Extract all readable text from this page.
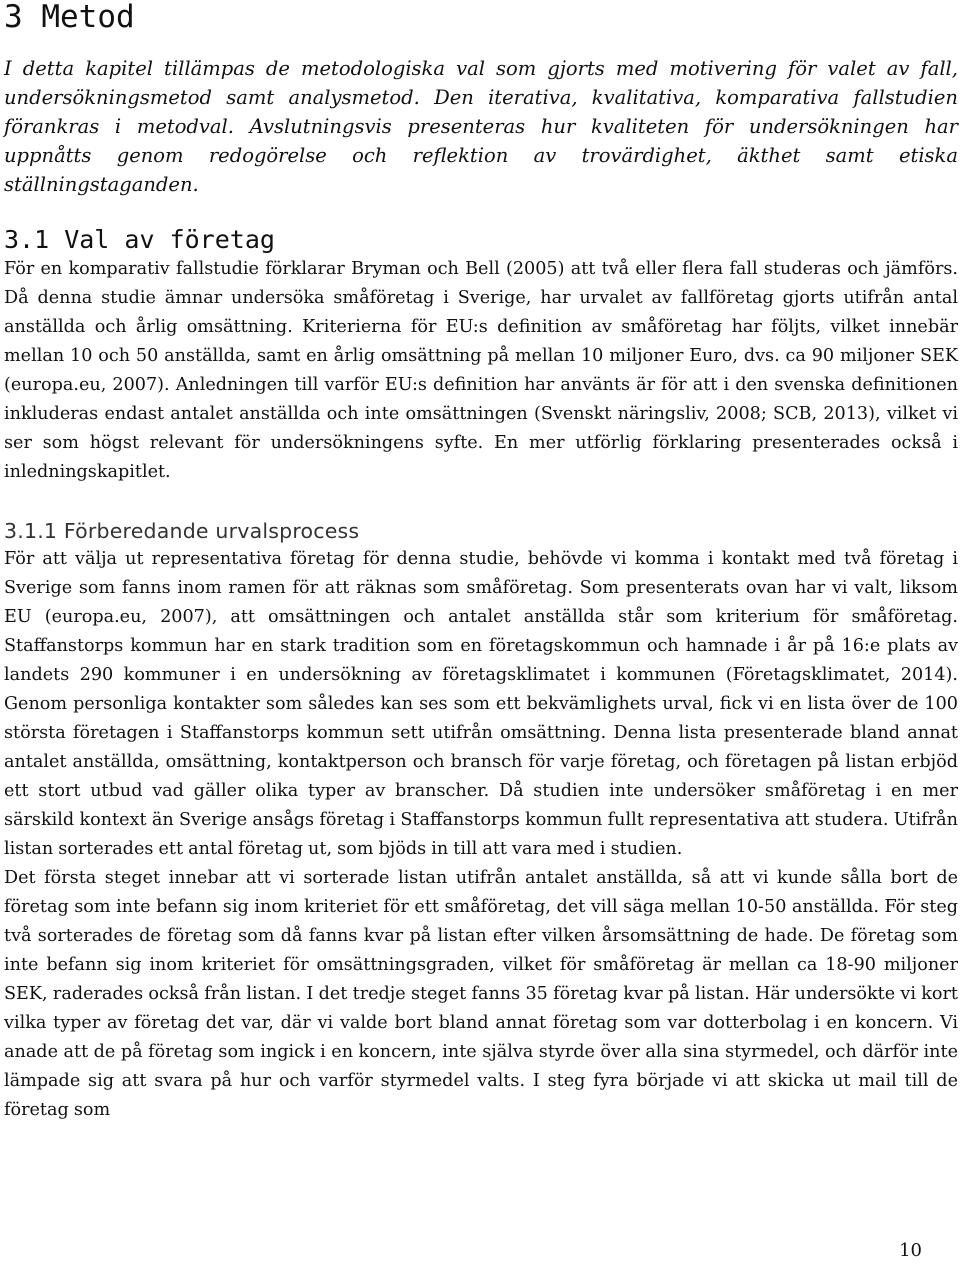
3 Metod

I detta kapitel tillämpas de metodologiska val som gjorts med motivering för valet av fall, undersökningsmetod samt analysmetod. Den iterativa, kvalitativa, komparativa fallstudien förankras i metodval. Avslutningsvis presenteras hur kvaliteten för undersökningen har uppnåtts genom redogörelse och reflektion av trovärdighet, äkthet samt etiska ställningstaganden.

3.1 Val av företag

För en komparativ fallstudie förklarar Bryman och Bell (2005) att två eller flera fall studeras och jämförs. Då denna studie ämnar undersöka småföretag i Sverige, har urvalet av fallföretag gjorts utifrån antal anställda och årlig omsättning. Kriterierna för EU:s definition av småföretag har följts, vilket innebär mellan 10 och 50 anställda, samt en årlig omsättning på mellan 10 miljoner Euro, dvs. ca 90 miljoner SEK (europa.eu, 2007). Anledningen till varför EU:s definition har använts är för att i den svenska definitionen inkluderas endast antalet anställda och inte omsättningen (Svenskt näringsliv, 2008; SCB, 2013), vilket vi ser som högst relevant för undersökningens syfte. En mer utförlig förklaring presenterades också i inledningskapitlet.

3.1.1 Förberedande urvalsprocess

För att välja ut representativa företag för denna studie, behövde vi komma i kontakt med två företag i Sverige som fanns inom ramen för att räknas som småföretag. Som presenterats ovan har vi valt, liksom EU (europa.eu, 2007), att omsättningen och antalet anställda står som kriterium för småföretag. Staffanstorps kommun har en stark tradition som en företagskommun och hamnade i år på 16:e plats av landets 290 kommuner i en undersökning av företagsklimatet i kommunen (Företagsklimatet, 2014). Genom personliga kontakter som således kan ses som ett bekvämlighets urval, fick vi en lista över de 100 största företagen i Staffanstorps kommun sett utifrån omsättning. Denna lista presenterade bland annat antalet anställda, omsättning, kontaktperson och bransch för varje företag, och företagen på listan erbjöd ett stort utbud vad gäller olika typer av branscher. Då studien inte undersöker småföretag i en mer särskild kontext än Sverige ansågs företag i Staffanstorps kommun fullt representativa att studera. Utifrån listan sorterades ett antal företag ut, som bjöds in till att vara med i studien.

Det första steget innebar att vi sorterade listan utifrån antalet anställda, så att vi kunde sålla bort de företag som inte befann sig inom kriteriet för ett småföretag, det vill säga mellan 10-50 anställda. För steg två sorterades de företag som då fanns kvar på listan efter vilken årsomsättning de hade. De företag som inte befann sig inom kriteriet för omsättningsgraden, vilket för småföretag är mellan ca 18-90 miljoner SEK, raderades också från listan. I det tredje steget fanns 35 företag kvar på listan. Här undersökte vi kort vilka typer av företag det var, där vi valde bort bland annat företag som var dotterbolag i en koncern. Vi anade att de på företag som ingick i en koncern, inte själva styrde över alla sina styrmedel, och därför inte lämpade sig att svara på hur och varför styrmedel valts. I steg fyra började vi att skicka ut mail till de företag som

10
